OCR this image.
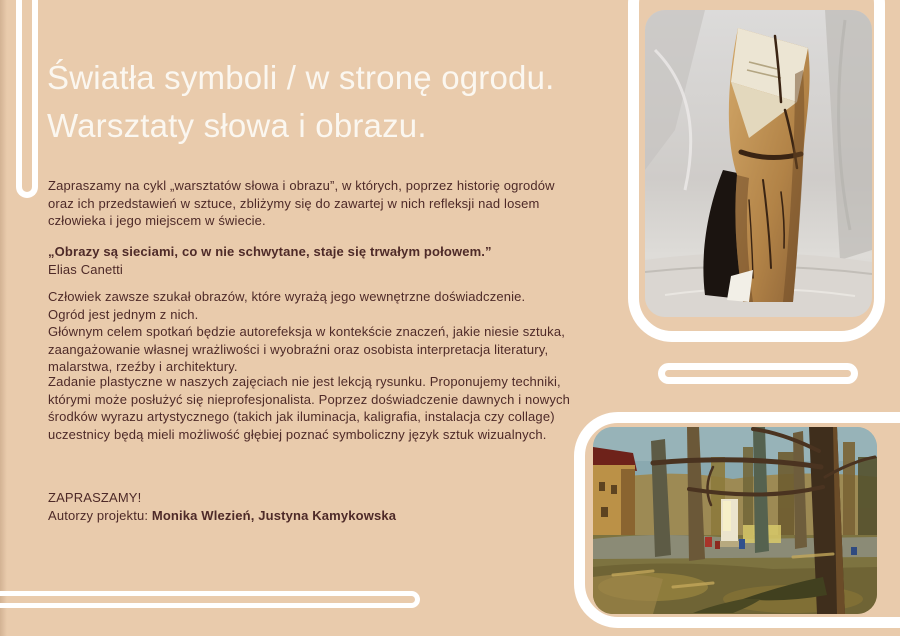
Światła symboli / w stronę ogrodu.
Warsztaty słowa i obrazu.
Zapraszamy na cykl „warsztatów słowa i obrazu”, w których, poprzez historię ogrodów
oraz ich przedstawień w sztuce, zbliżymy się do zawartej w nich refleksji nad losem
człowieka i jego miejscem w świecie.
„Obrazy są sieciami, co w nie schwytane, staje się trwałym połowem.”
Elias Canetti
Człowiek zawsze szukał obrazów, które wyrażą jego wewnętrzne doświadczenie.
Ogród jest jednym z nich.
Głównym celem spotkań będzie autorefeksja w kontekście znaczeń, jakie niesie sztuka,
zaangażowanie własnej wrażliwości i wyobraźni oraz osobista interpretacja literatury,
malarstwa, rzeźby i architektury.
Zadanie plastyczne w naszych zajęciach nie jest lekcją rysunku. Proponujemy techniki,
którymi może posłużyć się nieprofesjonalista. Poprzez doświadczenie dawnych i nowych
środków wyrazu artystycznego (takich jak iluminacja, kaligrafia, instalacja czy collage)
uczestnicy będą mieli możliwość głębiej poznać symboliczny język sztuk wizualnych.
ZAPRASZAMY!
Autorzy projektu: Monika Wlezień, Justyna Kamykowska
